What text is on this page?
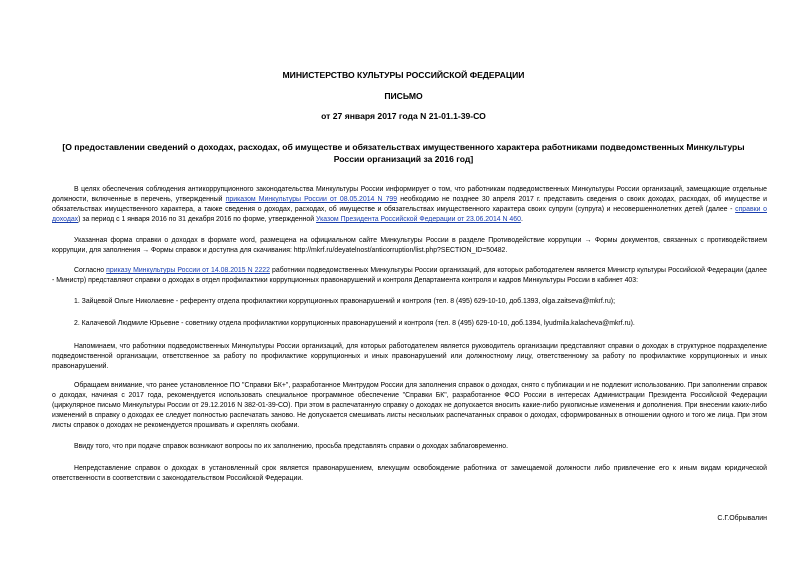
МИНИСТЕРСТВО КУЛЬТУРЫ РОССИЙСКОЙ ФЕДЕРАЦИИ
ПИСЬМО
от 27 января 2017 года N 21-01.1-39-СО
[О предоставлении сведений о доходах, расходах, об имуществе и обязательствах имущественного характера работниками подведомственных Минкультуры России организаций за 2016 год]
В целях обеспечения соблюдения антикоррупционного законодательства Минкультуры России информирует о том, что работникам подведомственных Минкультуры России организаций, замещающие отдельные должности, включенные в перечень, утвержденный приказом Минкультуры России от 08.05.2014 N 799 необходимо не позднее 30 апреля 2017 г. представить сведения о своих доходах, расходах, об имуществе и обязательствах имущественного характера, а также сведения о доходах, расходах, об имуществе и обязательствах имущественного характера своих супруги (супруга) и несовершеннолетних детей (далее - справки о доходах) за период с 1 января 2016 по 31 декабря 2016 по форме, утвержденной Указом Президента Российской Федерации от 23.06.2014 N 460.
Указанная форма справки о доходах в формате word, размещена на официальном сайте Минкультуры России в разделе Противодействие коррупции → Формы документов, связанных с противодействием коррупции, для заполнения → Формы справок и доступна для скачивания: http://mkrf.ru/deyatelnost/anticorruption/list.php?SECTION_ID=50482.
Согласно приказу Минкультуры России от 14.08.2015 N 2222 работники подведомственных Минкультуры России организаций, для которых работодателем является Министр культуры Российской Федерации (далее - Министр) представляют справки о доходах в отдел профилактики коррупционных правонарушений и контроля Департамента контроля и кадров Минкультуры России в кабинет 403:
1. Зайцевой Ольге Николаевне - референту отдела профилактики коррупционных правонарушений и контроля (тел. 8 (495) 629-10-10, доб.1393, olga.zaitseva@mkrf.ru);
2. Калачевой Людмиле Юрьевне - советнику отдела профилактики коррупционных правонарушений и контроля (тел. 8 (495) 629-10-10, доб.1394, lyudmila.kalacheva@mkrf.ru).
Напоминаем, что работники подведомственных Минкультуры России организаций, для которых работодателем является руководитель организации представляют справки о доходах в структурное подразделение подведомственной организации, ответственное за работу по профилактике коррупционных и иных правонарушений или должностному лицу, ответственному за работу по профилактике коррупционных и иных правонарушений.
Обращаем внимание, что ранее установленное ПО "Справки БК+", разработанное Минтрудом России для заполнения справок о доходах, снято с публикации и не подлежит использованию. При заполнении справок о доходах, начиная с 2017 года, рекомендуется использовать специальное программное обеспечение "Справки БК", разработанное ФСО России в интересах Администрации Президента Российской Федерации (циркулярное письмо Минкультуры России от 29.12.2016 N 382-01-39-СО). При этом в распечатанную справку о доходах не допускается вносить какие-либо рукописные изменения и дополнения. При внесении каких-либо изменений в справку о доходах ее следует полностью распечатать заново. Не допускается смешивать листы нескольких распечатанных справок о доходах, сформированных в отношении одного и того же лица. При этом листы справок о доходах не рекомендуется прошивать и скреплять скобами.
Ввиду того, что при подаче справок возникают вопросы по их заполнению, просьба представлять справки о доходах заблаговременно.
Непредставление справок о доходах в установленный срок является правонарушением, влекущим освобождение работника от замещаемой должности либо привлечение его к иным видам юридической ответственности в соответствии с законодательством Российской Федерации.
С.Г.Обрывалин
